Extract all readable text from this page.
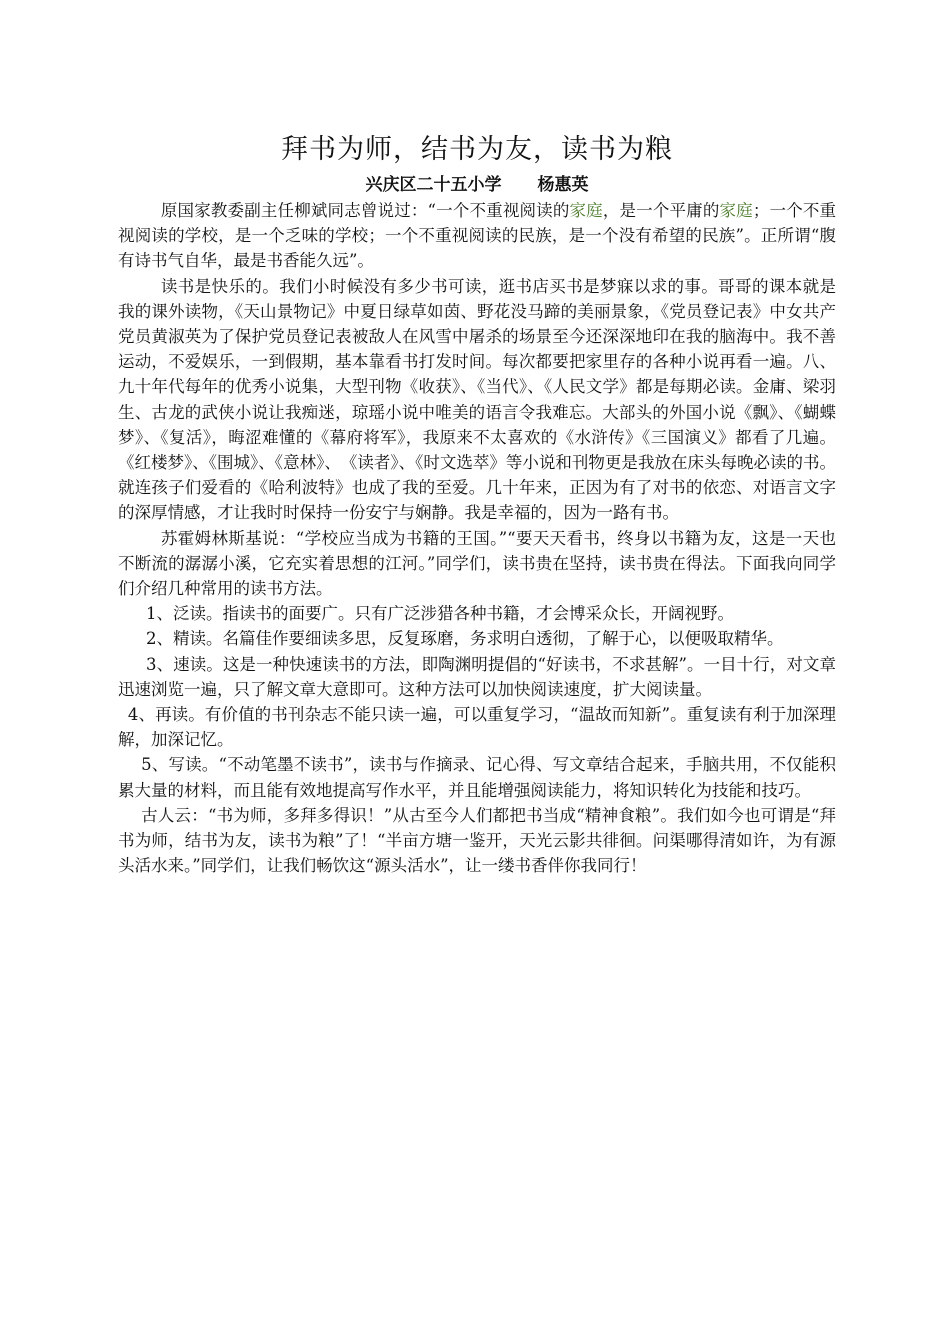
拜书为师，结书为友，读书为粮
兴庆区二十五小学 杨惠英

原国家教委副主任柳斌同志曾说过：“一个不重视阅读的家庭，是一个平庸的家庭；一个不重视阅读的学校，是一个乏味的学校；一个不重视阅读的民族，是一个没有希望的民族”。正所谓“腹有诗书气自华，最是书香能久远”。

读书是快乐的。我们小时候没有多少书可读，逛书店买书是梦寐以求的事。哥哥的课本就是我的课外读物，《天山景物记》中夏日绿草如茵、野花没马蹄的美丽景象，《党员登记表》中女共产党员黄淑英为了保护党员登记表被敌人在风雪中屠杀的场景至今还深深地印在我的脑海中。我不善运动，不爱娱乐，一到假期，基本靠看书打发时间。每次都要把家里存的各种小说再看一遍。八、九十年代每年的优秀小说集，大型刊物《收获》、《当代》、《人民文学》都是每期必读。金庸、梁羽生、古龙的武侠小说让我痴迷，琼瑶小说中唯美的语言令我难忘。大部头的外国小说《飘》、《蝴蝶梦》、《复活》，晦涩难懂的《幕府将军》，我原来不太喜欢的《水浒传》《三国演义》都看了几遍。《红楼梦》、《围城》、《意林》、　《读者》、《时文选萃》等小说和刊物更是我放在床头每晚必读的书。就连孩子们爱看的《哈利波特》也成了我的至爱。几十年来，正因为有了对书的依恋、对语言文字的深厚情感，才让我时时保持一份安宁与娴静。我是幸福的，因为一路有书。

苏霍姆林斯基说：“学校应当成为书籍的王国。”“要天天看书，终身以书籍为友，这是一天也不断流的潺潺小溪，它充实着思想的江河。”同学们，读书贵在坚持，读书贵在得法。下面我向同学们介绍几种常用的读书方法。

1、泛读。指读书的面要广。只有广泛涉猎各种书籍，才会博采众长，开阔视野。

2、精读。名篇佳作要细读多思，反复琢磨，务求明白透彻，了解于心，以便吸取精华。

3、速读。这是一种快速读书的方法，即陶渊明提倡的“好读书，不求甚解”。一目十行，对文章迅速浏览一遍，只了解文章大意即可。这种方法可以加快阅读速度，扩大阅读量。

4、再读。有价值的书刊杂志不能只读一遍，可以重复学习，“温故而知新”。重复读有利于加深理解，加深记忆。

5、写读。“不动笔墨不读书”，读书与作摘录、记心得、写文章结合起来，手脑共用，不仅能积累大量的材料，而且能有效地提高写作水平，并且能增强阅读能力，将知识转化为技能和技巧。

古人云：“书为师，多拜多得识！”从古至今人们都把书当成“精神食粮”。我们如今也可谓是“拜书为师，结书为友，读书为粮”了！“半亩方塘一鉴开，天光云影共徘徊。问渠哪得清如许，为有源头活水来。”同学们，让我们畅饮这“源头活水”，让一缕书香伴你我同行！
